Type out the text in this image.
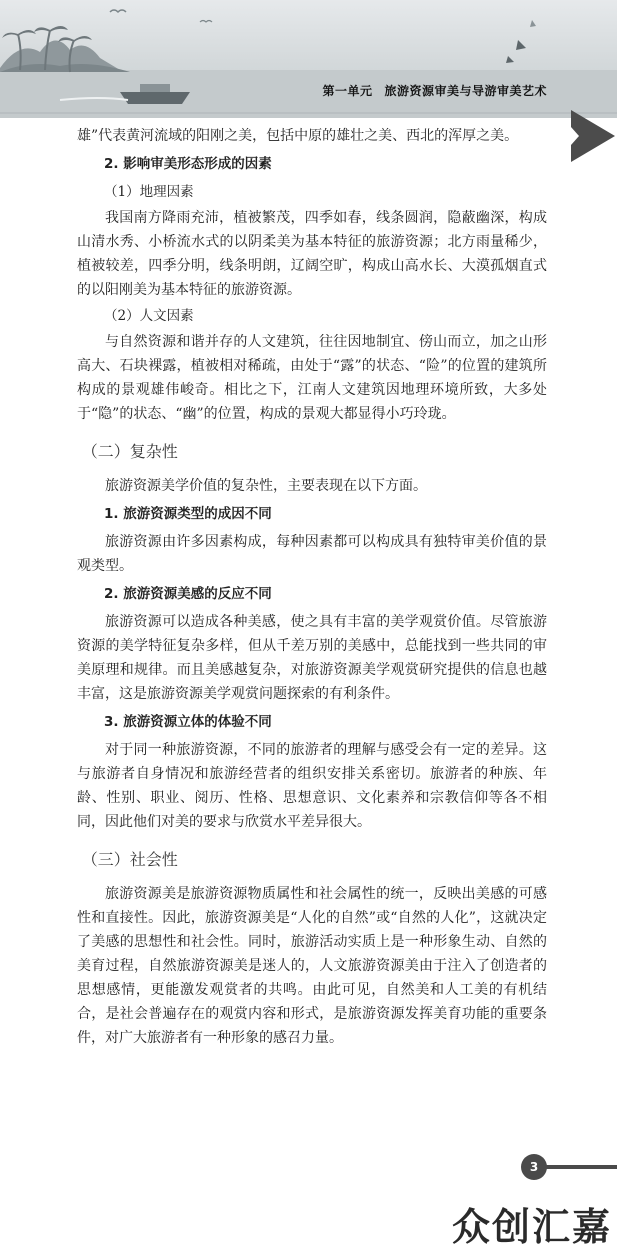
第一单元 旅游资源审美与导游审美艺术

雄”代表黄河流域的阳刚之美，包括中原的雄壮之美、西北的浑厚之美。

2. 影响审美形态形成的因素

（1）地理因素

我国南方降雨充沛，植被繁茂，四季如春，线条圆润，隐蔽幽深，构成山清水秀、小桥流水式的以阴柔美为基本特征的旅游资源；北方雨量稀少，植被较差，四季分明，线条明朗，辽阔空旷，构成山高水长、大漠孤烟直式的以阳刚美为基本特征的旅游资源。

（2）人文因素

与自然资源和谐并存的人文建筑，往往因地制宜、傍山而立，加之山形高大、石块裸露，植被相对稀疏，由处于“露”的状态、“险”的位置的建筑所构成的景观雄伟峻奇。相比之下，江南人文建筑因地理环境所致，大多处于“隐”的状态、“幽”的位置，构成的景观大都显得小巧玲珑。

（二）复杂性

旅游资源美学价值的复杂性，主要表现在以下方面。

1. 旅游资源类型的成因不同

旅游资源由许多因素构成，每种因素都可以构成具有独特审美价值的景观类型。

2. 旅游资源美感的反应不同

旅游资源可以造成各种美感，使之具有丰富的美学观赏价值。尽管旅游资源的美学特征复杂多样，但从千差万别的美感中，总能找到一些共同的审美原理和规律。而且美感越复杂，对旅游资源美学观赏研究提供的信息也越丰富，这是旅游资源美学观赏问题探索的有利条件。

3. 旅游资源立体的体验不同

对于同一种旅游资源，不同的旅游者的理解与感受会有一定的差异。这与旅游者自身情况和旅游经营者的组织安排关系密切。旅游者的种族、年龄、性别、职业、阅历、性格、思想意识、文化素养和宗教信仰等各不相同，因此他们对美的要求与欣赏水平差异很大。

（三）社会性

旅游资源美是旅游资源物质属性和社会属性的统一，反映出美感的可感性和直接性。因此，旅游资源美是“人化的自然”或“自然的人化”，这就决定了美感的思想性和社会性。同时，旅游活动实质上是一种形象生动、自然的美育过程，自然旅游资源美是迷人的，人文旅游资源美由于注入了创造者的思想感情，更能激发观赏者的共鸣。由此可见，自然美和人工美的有机结合，是社会普遍存在的观赏内容和形式，是旅游资源发挥美育功能的重要条件，对广大旅游者有一种形象的感召力量。

3
众创汇嘉
